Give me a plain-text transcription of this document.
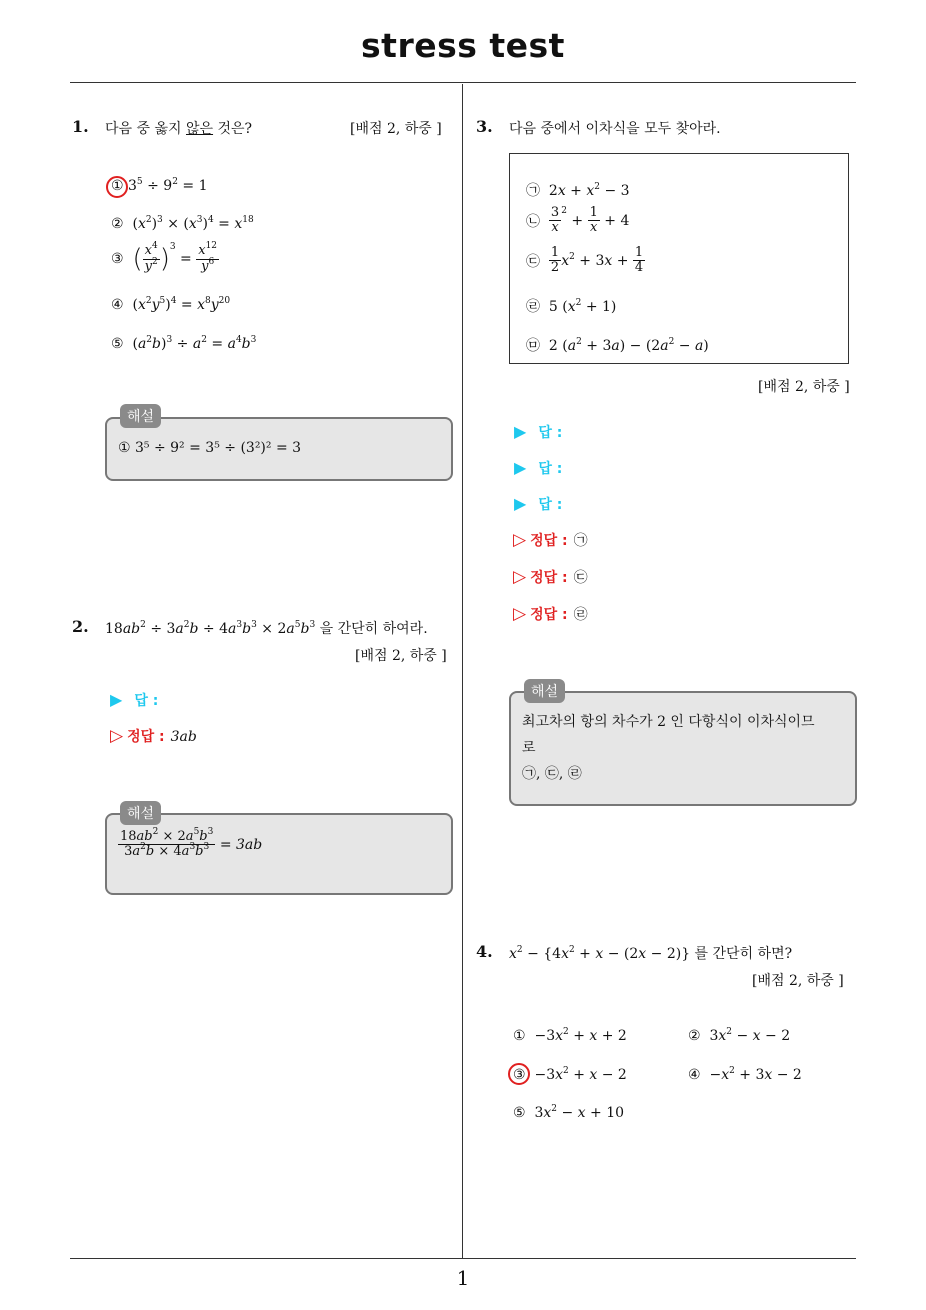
stress test
1
1. 다음 중 옳지 않은 것은?	[배점 2, 하중 ]
① $3^5 \div 9^2 = 1$
②  $(x^2)^3 \times (x^3)^4 = x^{18}$
③ ( $\frac{x^4}{y^2} )^3 = \frac{x^{12}}{y^6}$
④  $(x^2y^5)^4 = x^8y^{20}$
⑤  $(a^2b)^3 \div a^2 = a^4b^3$
해설
① 3⁵ ÷ 9² = 3⁵ ÷ (3²)² = 3
2. $18ab^2 \div 3a^2b \div 4a^3b^3 \times 2a^5b^3$ 을 간단히 하여라.
[배점 2, 하중 ]
▶ 답 :
▷ 정답 : 3ab
해설
$\frac{18ab^2 \times 2a^5b^3}{3a^2b \times 4a^3b^3} = 3ab$
3. 다음 중에서 이차식을 모두 찾아라.
㉠  $2x + x^2 - 3$
㉡ $\frac{3}{x} ^2 + \frac{1}{x} + 4$
㉢ $\frac{1}{2} x^2 + 3x + \frac{1}{4}$
㉣  5 $(x^2 + 1)$
㉤  2 $(a^2 + 3a) - (2a^2 - a)$
[배점 2, 하중 ]
▶ 답 :
▶ 답 :
▶ 답 :
▷ 정답 : ㉠
▷ 정답 : ㉢
▷ 정답 : ㉣
해설
최고차의 항의 차수가 2 인 다항식이 이차식이므
로
㉠, ㉢, ㉣
4. $x^2 - \{4x^2 + x - (2x - 2)\}$ 를 간단히 하면?
[배점 2, 하중 ]
①  $-3x^2 + x + 2$	②  $3x^2 - x - 2$
③  $-3x^2 + x - 2$	④  $-x^2 + 3x - 2$
⑤  $3x^2 - x + 10$
